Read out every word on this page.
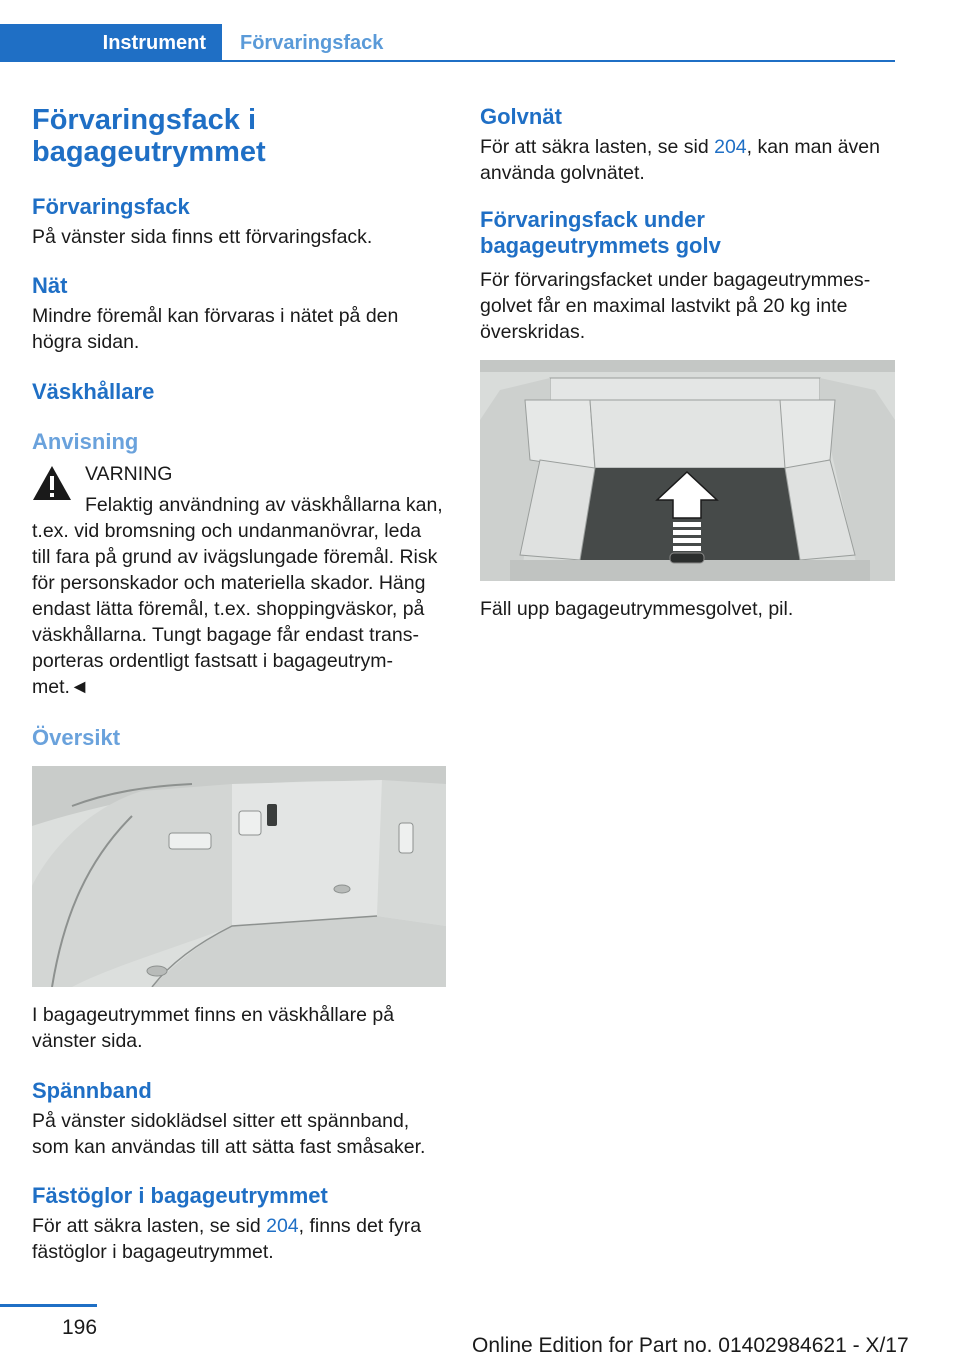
Instrument	Förvaringsfack
Förvaringsfack i bagageutrymmet
Förvaringsfack

På vänster sida finns ett förvaringsfack.

Nät

Mindre föremål kan förvaras i nätet på den högra sidan.

Väskhållare
Anvisning
VARNING
Felaktig användning av väskhållarna kan,

t.ex. vid bromsning och undanmanövrar, leda till fara på grund av ivägslungade föremål. Risk för personskador och materiella skador. Häng endast lätta föremål, t.ex. shoppingväskor, på väskhållarna. Tungt bagage får endast transporteras ordentligt fastsatt i bagageutrymmet.◄

Översikt

I bagageutrymmet finns en väskhållare på vänster sida.

Spännband

På vänster sidoklädsel sitter ett spännband, som kan användas till att sätta fast småsaker.

Fästöglor i bagageutrymmet

För att säkra lasten, se sid 204, finns det fyra fästöglor i bagageutrymmet.

Golvnät

För att säkra lasten, se sid 204, kan man även använda golvnätet.

Förvaringsfack under bagageutrymmets golv

För förvaringsfacket under bagageutrymmesgolvet får en maximal lastvikt på 20 kg inte överskridas.

Fäll upp bagageutrymmesgolvet, pil.

196
Online Edition for Part no. 01402984621 - X/17
